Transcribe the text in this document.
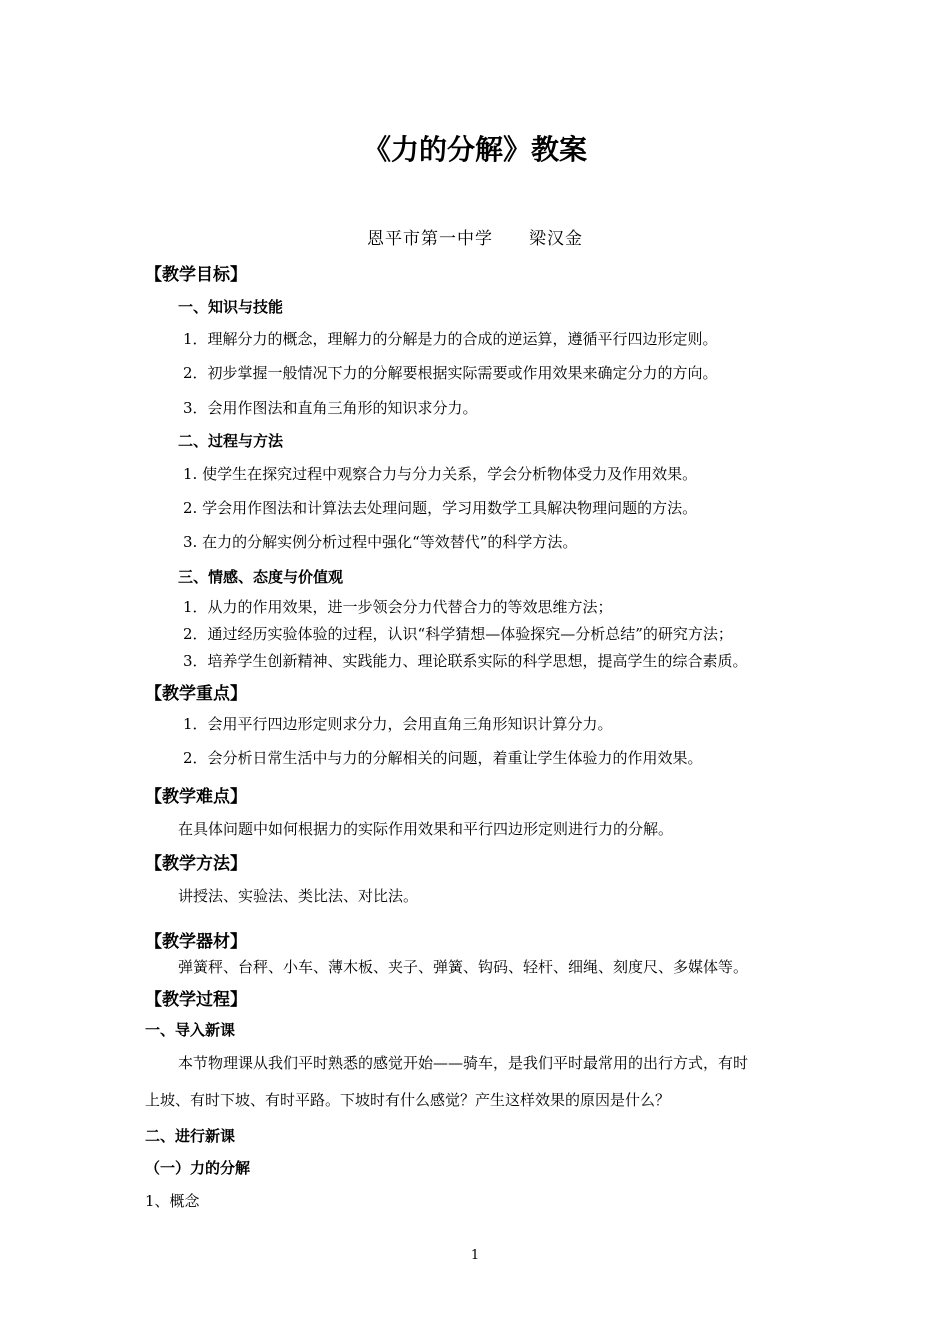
《力的分解》教案
恩平市第一中学　　梁汉金
【教学目标】
一、知识与技能
1．理解分力的概念，理解力的分解是力的合成的逆运算，遵循平行四边形定则。
2．初步掌握一般情况下力的分解要根据实际需要或作用效果来确定分力的方向。
3．会用作图法和直角三角形的知识求分力。
二、过程与方法
1. 使学生在探究过程中观察合力与分力关系，学会分析物体受力及作用效果。
2. 学会用作图法和计算法去处理问题，学习用数学工具解决物理问题的方法。
3. 在力的分解实例分析过程中强化“等效替代”的科学方法。
三、情感、态度与价值观
1．从力的作用效果，进一步领会分力代替合力的等效思维方法；
2．通过经历实验体验的过程，认识“科学猜想—体验探究—分析总结”的研究方法；
3．培养学生创新精神、实践能力、理论联系实际的科学思想，提高学生的综合素质。
【教学重点】
1．会用平行四边形定则求分力，会用直角三角形知识计算分力。
2．会分析日常生活中与力的分解相关的问题，着重让学生体验力的作用效果。
【教学难点】
在具体问题中如何根据力的实际作用效果和平行四边形定则进行力的分解。
【教学方法】
讲授法、实验法、类比法、对比法。
【教学器材】
弹簧秤、台秤、小车、薄木板、夹子、弹簧、钩码、轻杆、细绳、刻度尺、多媒体等。
【教学过程】
一、导入新课
本节物理课从我们平时熟悉的感觉开始——骑车，是我们平时最常用的出行方式，有时
上坡、有时下坡、有时平路。下坡时有什么感觉？产生这样效果的原因是什么？
二、进行新课
（一）力的分解
1、概念
1
